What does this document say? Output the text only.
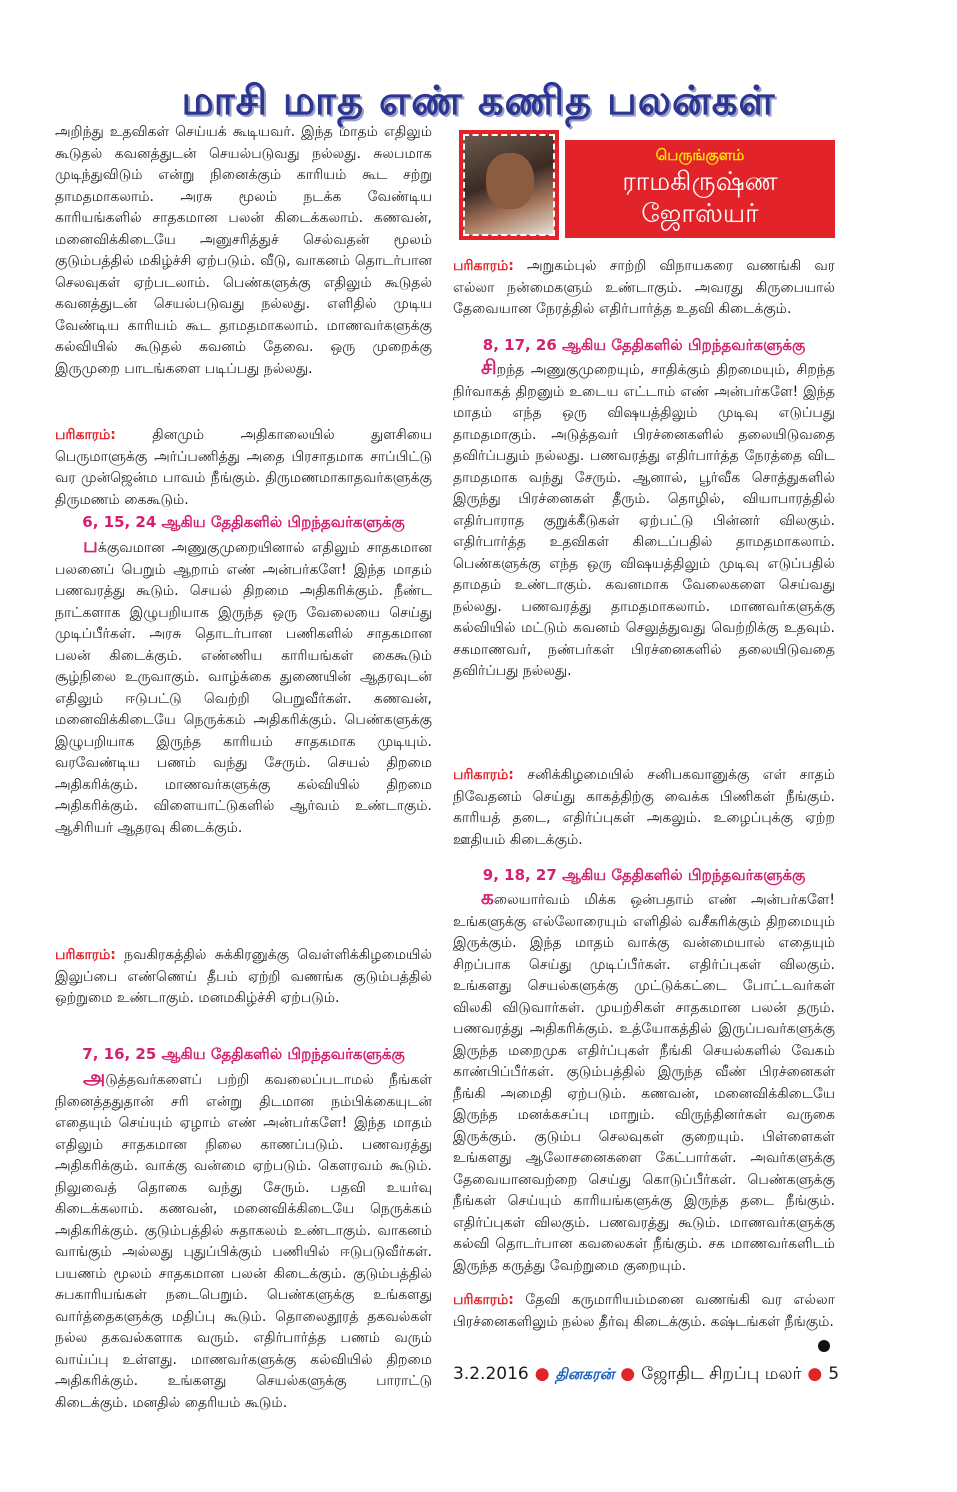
மாசி மாத எண் கணித பலன்கள்

அறிந்து உதவிகள் செய்யக் கூடியவர். இந்த மாதம் எதிலும் கூடுதல் கவனத்துடன் செயல்படுவது நல்லது. சுலபமாக முடிந்துவிடும் என்று நினைக்கும் காரியம் கூட சற்று தாமதமாகலாம். அரசு மூலம் நடக்க வேண்டிய காரியங்களில் சாதகமான பலன் கிடைக்கலாம். கணவன், மனைவிக்கிடையே அனுசரித்துச் செல்வதன் மூலம் குடும்பத்தில் மகிழ்ச்சி ஏற்படும். வீடு, வாகனம் தொடர்பான செலவுகள் ஏற்படலாம். பெண்களுக்கு எதிலும் கூடுதல் கவனத்துடன் செயல்படுவது நல்லது. எளிதில் முடிய வேண்டிய காரியம் கூட தாமதமாகலாம். மாணவர்களுக்கு கல்வியில் கூடுதல் கவனம் தேவை. ஒரு முறைக்கு இருமுறை பாடங்களை படிப்பது நல்லது.

பரிகாரம்: தினமும் அதிகாலையில் துளசியை பெருமாளுக்கு அர்ப்பணித்து அதை பிரசாதமாக சாப்பிட்டு வர முன்ஜென்ம பாவம் நீங்கும். திருமணமாகாதவர்களுக்கு திருமணம் கைகூடும்.

6, 15, 24 ஆகிய தேதிகளில் பிறந்தவர்களுக்கு

பக்குவமான அணுகுமுறையினால் எதிலும் சாதகமான பலனைப் பெறும் ஆறாம் எண் அன்பர்களே! இந்த மாதம் பணவரத்து கூடும். செயல் திறமை அதிகரிக்கும். நீண்ட நாட்களாக இழுபறியாக இருந்த ஒரு வேலையை செய்து முடிப்பீர்கள். அரசு தொடர்பான பணிகளில் சாதகமான பலன் கிடைக்கும். எண்ணிய காரியங்கள் கைகூடும் சூழ்நிலை உருவாகும். வாழ்க்கை துணையின் ஆதரவுடன் எதிலும் ஈடுபட்டு வெற்றி பெறுவீர்கள். கணவன், மனைவிக்கிடையே நெருக்கம் அதிகரிக்கும். பெண்களுக்கு இழுபறியாக இருந்த காரியம் சாதகமாக முடியும். வரவேண்டிய பணம் வந்து சேரும். செயல் திறமை அதிகரிக்கும். மாணவர்களுக்கு கல்வியில் திறமை அதிகரிக்கும். விளையாட்டுகளில் ஆர்வம் உண்டாகும். ஆசிரியர் ஆதரவு கிடைக்கும்.

பரிகாரம்: நவகிரகத்தில் சுக்கிரனுக்கு வெள்ளிக்கிழமையில் இலுப்பை எண்ணெய் தீபம் ஏற்றி வணங்க குடும்பத்தில் ஒற்றுமை உண்டாகும். மனமகிழ்ச்சி ஏற்படும்.

7, 16, 25 ஆகிய தேதிகளில் பிறந்தவர்களுக்கு

அடுத்தவர்களைப் பற்றி கவலைப்படாமல் நீங்கள் நினைத்ததுதான் சரி என்று திடமான நம்பிக்கையுடன் எதையும் செய்யும் ஏழாம் எண் அன்பர்களே! இந்த மாதம் எதிலும் சாதகமான நிலை காணப்படும். பணவரத்து அதிகரிக்கும். வாக்கு வன்மை ஏற்படும். கௌரவம் கூடும். நிலுவைத் தொகை வந்து சேரும். பதவி உயர்வு கிடைக்கலாம். கணவன், மனைவிக்கிடையே நெருக்கம் அதிகரிக்கும். குடும்பத்தில் சுதாகலம் உண்டாகும். வாகனம் வாங்கும் அல்லது புதுப்பிக்கும் பணியில் ஈடுபடுவீர்கள். பயணம் மூலம் சாதகமான பலன் கிடைக்கும். குடும்பத்தில் சுபகாரியங்கள் நடைபெறும். பெண்களுக்கு உங்களது வார்த்தைகளுக்கு மதிப்பு கூடும். தொலைதூரத் தகவல்கள் நல்ல தகவல்களாக வரும். எதிர்பார்த்த பணம் வரும் வாய்ப்பு உள்ளது. மாணவர்களுக்கு கல்வியில் திறமை அதிகரிக்கும். உங்களது செயல்களுக்கு பாராட்டு கிடைக்கும். மனதில் தைரியம் கூடும்.

பெருங்குளம்
ராமகிருஷ்ண
ஜோஸ்யர்

பரிகாரம்: அறுகம்புல் சாற்றி விநாயகரை வணங்கி வர எல்லா நன்மைகளும் உண்டாகும். அவரது கிருபையால் தேவையான நேரத்தில் எதிர்பார்த்த உதவி கிடைக்கும்.

8, 17, 26 ஆகிய தேதிகளில் பிறந்தவர்களுக்கு

சிறந்த அணுகுமுறையும், சாதிக்கும் திறமையும், சிறந்த நிர்வாகத் திறனும் உடைய எட்டாம் எண் அன்பர்களே! இந்த மாதம் எந்த ஒரு விஷயத்திலும் முடிவு எடுப்பது தாமதமாகும். அடுத்தவர் பிரச்னைகளில் தலையிடுவதை தவிர்ப்பதும் நல்லது. பணவரத்து எதிர்பார்த்த நேரத்தை விட தாமதமாக வந்து சேரும். ஆனால், பூர்வீக சொத்துகளில் இருந்து பிரச்னைகள் தீரும். தொழில், வியாபாரத்தில் எதிர்பாராத குறுக்கீடுகள் ஏற்பட்டு பின்னர் விலகும். எதிர்பார்த்த உதவிகள் கிடைப்பதில் தாமதமாகலாம். பெண்களுக்கு எந்த ஒரு விஷயத்திலும் முடிவு எடுப்பதில் தாமதம் உண்டாகும். கவனமாக வேலைகளை செய்வது நல்லது. பணவரத்து தாமதமாகலாம். மாணவர்களுக்கு கல்வியில் மட்டும் கவனம் செலுத்துவது வெற்றிக்கு உதவும். சகமாணவர், நண்பர்கள் பிரச்னைகளில் தலையிடுவதை தவிர்ப்பது நல்லது.

பரிகாரம்: சனிக்கிழமையில் சனிபகவானுக்கு எள் சாதம் நிவேதனம் செய்து காகத்திற்கு வைக்க பிணிகள் நீங்கும். காரியத் தடை, எதிர்ப்புகள் அகலும். உழைப்புக்கு ஏற்ற ஊதியம் கிடைக்கும்.

9, 18, 27 ஆகிய தேதிகளில் பிறந்தவர்களுக்கு

கலையார்வம் மிக்க ஒன்பதாம் எண் அன்பர்களே! உங்களுக்கு எல்லோரையும் எளிதில் வசீகரிக்கும் திறமையும் இருக்கும். இந்த மாதம் வாக்கு வன்மையால் எதையும் சிறப்பாக செய்து முடிப்பீர்கள். எதிர்ப்புகள் விலகும். உங்களது செயல்களுக்கு முட்டுக்கட்டை போட்டவர்கள் விலகி விடுவார்கள். முயற்சிகள் சாதகமான பலன் தரும். பணவரத்து அதிகரிக்கும். உத்யோகத்தில் இருப்பவர்களுக்கு இருந்த மறைமுக எதிர்ப்புகள் நீங்கி செயல்களில் வேகம் காண்பிப்பீர்கள். குடும்பத்தில் இருந்த வீண் பிரச்னைகள் நீங்கி அமைதி ஏற்படும். கணவன், மனைவிக்கிடையே இருந்த மனக்கசப்பு மாறும். விருந்தினர்கள் வருகை இருக்கும். குடும்ப செலவுகள் குறையும். பிள்ளைகள் உங்களது ஆலோசனைகளை கேட்பார்கள். அவர்களுக்கு தேவையானவற்றை செய்து கொடுப்பீர்கள். பெண்களுக்கு நீங்கள் செய்யும் காரியங்களுக்கு இருந்த தடை நீங்கும். எதிர்ப்புகள் விலகும். பணவரத்து கூடும். மாணவர்களுக்கு கல்வி தொடர்பான கவலைகள் நீங்கும். சக மாணவர்களிடம் இருந்த கருத்து வேற்றுமை குறையும்.

பரிகாரம்: தேவி கருமாரியம்மனை வணங்கி வர எல்லா பிரச்னைகளிலும் நல்ல தீர்வு கிடைக்கும். கஷ்டங்கள் நீங்கும்.

3.2.2016 ● தினகரன் ● ஜோதிட சிறப்பு மலர் ● 5
